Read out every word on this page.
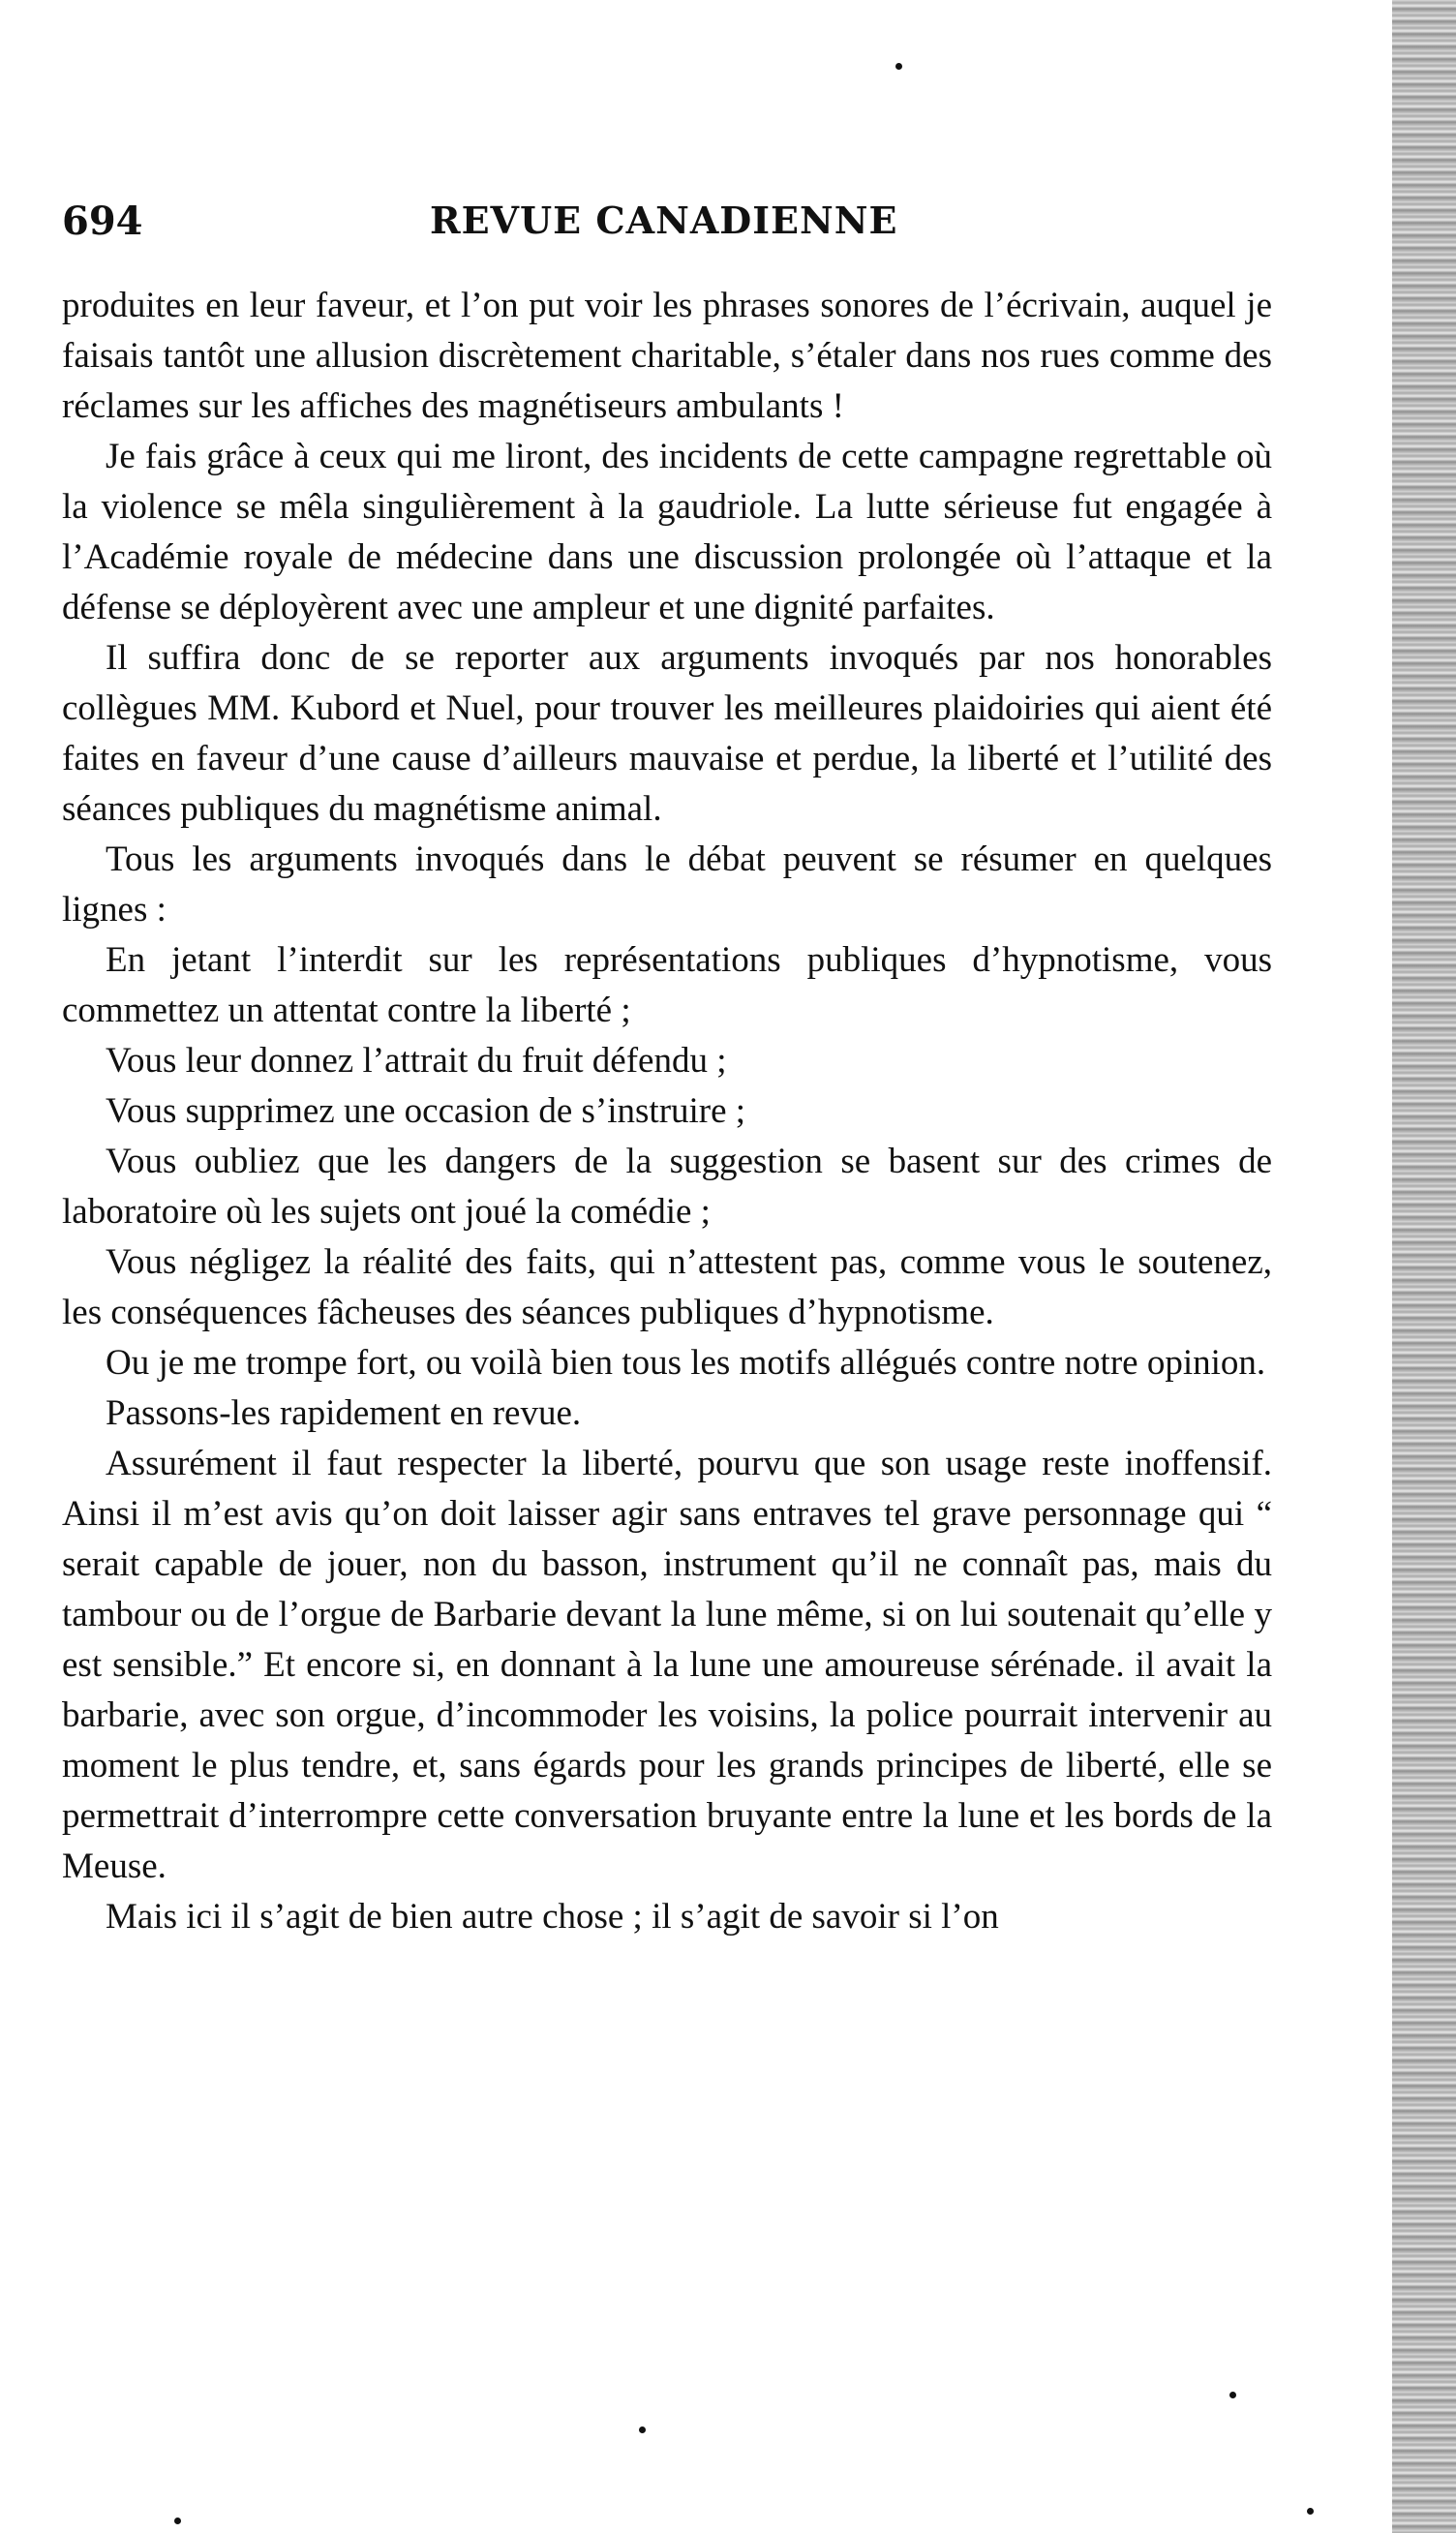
694	REVUE CANADIENNE

produites en leur faveur, et l’on put voir les phrases sonores de l’écrivain, auquel je faisais tantôt une allusion discrètement charitable, s’étaler dans nos rues comme des réclames sur les affiches des magnétiseurs ambulants !

Je fais grâce à ceux qui me liront, des incidents de cette campagne regrettable où la violence se mêla singulièrement à la gaudriole. La lutte sérieuse fut engagée à l’Académie royale de médecine dans une discussion prolongée où l’attaque et la défense se déployèrent avec une ampleur et une dignité parfaites.

Il suffira donc de se reporter aux arguments invoqués par nos honorables collègues MM. Kubord et Nuel, pour trouver les meilleures plaidoiries qui aient été faites en faveur d’une cause d’ailleurs mauvaise et perdue, la liberté et l’utilité des séances publiques du magnétisme animal.

Tous les arguments invoqués dans le débat peuvent se résumer en quelques lignes :

En jetant l’interdit sur les représentations publiques d’hypnotisme, vous commettez un attentat contre la liberté ;

Vous leur donnez l’attrait du fruit défendu ;

Vous supprimez une occasion de s’instruire ;

Vous oubliez que les dangers de la suggestion se basent sur des crimes de laboratoire où les sujets ont joué la comédie ;

Vous négligez la réalité des faits, qui n’attestent pas, comme vous le soutenez, les conséquences fâcheuses des séances publiques d’hypnotisme.

Ou je me trompe fort, ou voilà bien tous les motifs allégués contre notre opinion.

Passons-les rapidement en revue.

Assurément il faut respecter la liberté, pourvu que son usage reste inoffensif. Ainsi il m’est avis qu’on doit laisser agir sans entraves tel grave personnage qui “ serait capable de jouer, non du basson, instrument qu’il ne connaît pas, mais du tambour ou de l’orgue de Barbarie devant la lune même, si on lui soutenait qu’elle y est sensible.” Et encore si, en donnant à la lune une amoureuse sérénade. il avait la barbarie, avec son orgue, d’incommoder les voisins, la police pourrait intervenir au moment le plus tendre, et, sans égards pour les grands principes de liberté, elle se permettrait d’interrompre cette conversation bruyante entre la lune et les bords de la Meuse.

Mais ici il s’agit de bien autre chose ; il s’agit de savoir si l’on
